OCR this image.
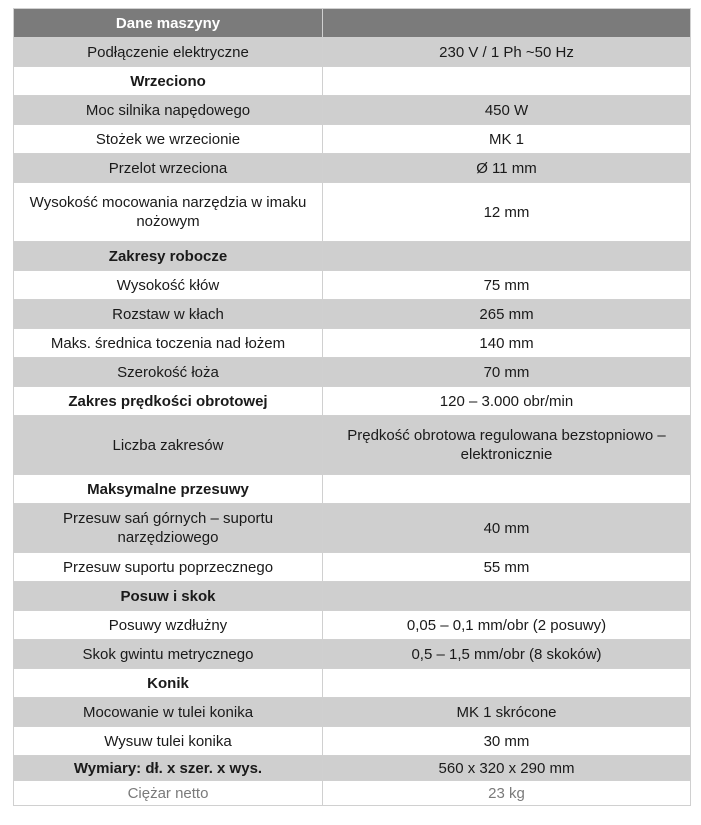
Dane maszyny	
Podłączenie elektryczne	230 V / 1 Ph ~50 Hz
Wrzeciono	
Moc silnika napędowego	450 W
Stożek we wrzecionie	MK 1
Przelot wrzeciona	Ø 11 mm
Wysokość mocowania narzędzia w imaku nożowym	12 mm
Zakresy robocze	
Wysokość kłów	75 mm
Rozstaw w kłach	265 mm
Maks. średnica toczenia nad łożem	140 mm
Szerokość łoża	70 mm
Zakres prędkości obrotowej	120 – 3.000 obr/min
Liczba zakresów	Prędkość obrotowa regulowana bezstopniowo – elektronicznie
Maksymalne przesuwy	
Przesuw sań górnych – suportu narzędziowego	40 mm
Przesuw suportu poprzecznego	55 mm
Posuw i skok	
Posuwy wzdłużny	0,05 – 0,1 mm/obr (2 posuwy)
Skok gwintu metrycznego	0,5 – 1,5 mm/obr (8 skoków)
Konik	
Mocowanie w tulei konika	MK 1 skrócone
Wysuw tulei konika	30 mm
Wymiary: dł. x szer. x wys.	560 x 320 x 290 mm
Ciężar netto	23 kg
